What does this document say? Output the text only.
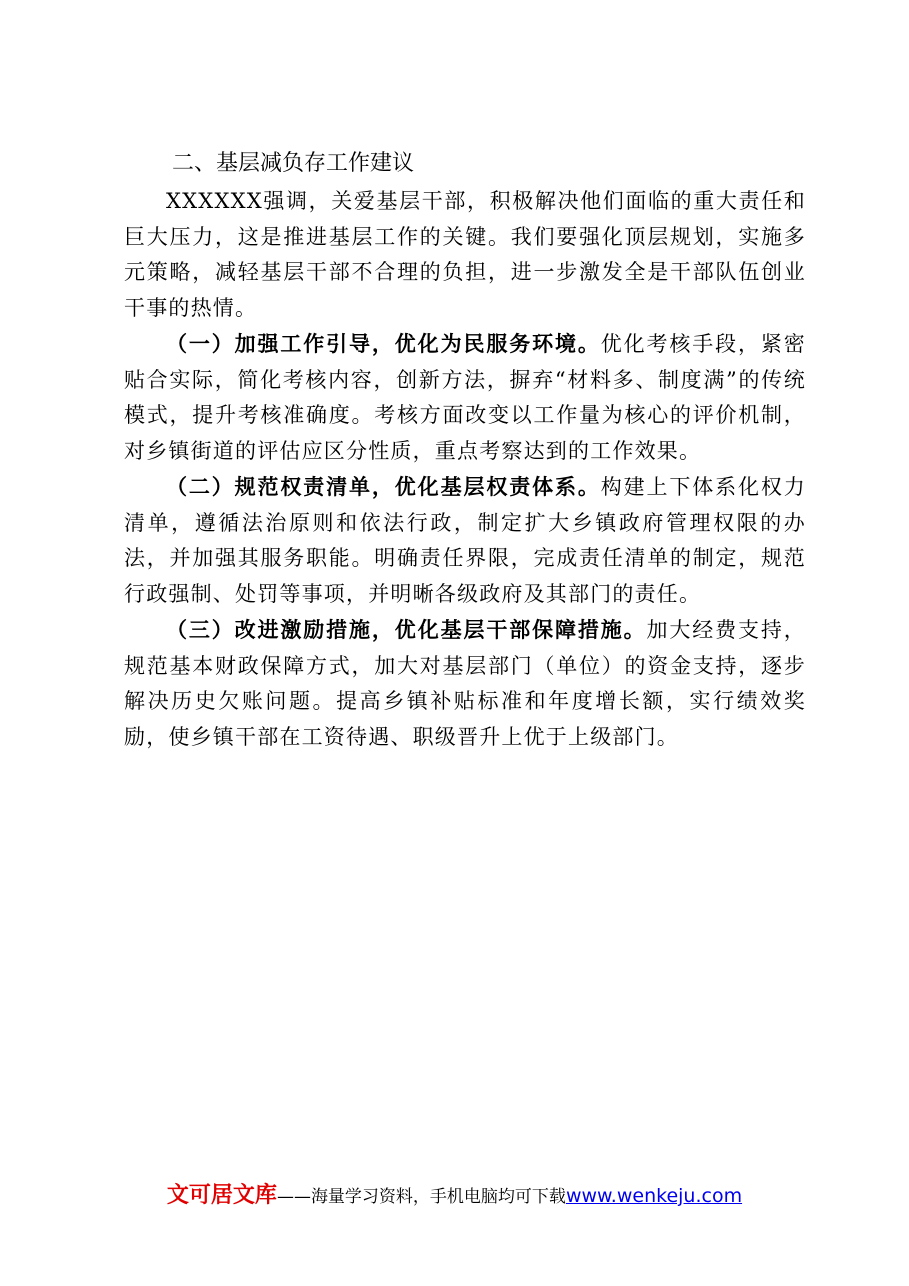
二、基层减负存工作建议

XXXXXX强调，关爱基层干部，积极解决他们面临的重大责任和巨大压力，这是推进基层工作的关键。我们要强化顶层规划，实施多元策略，减轻基层干部不合理的负担，进一步激发全是干部队伍创业干事的热情。

（一）加强工作引导，优化为民服务环境。优化考核手段，紧密贴合实际，简化考核内容，创新方法，摒弃“材料多、制度满”的传统模式，提升考核准确度。考核方面改变以工作量为核心的评价机制，对乡镇街道的评估应区分性质，重点考察达到的工作效果。

（二）规范权责清单，优化基层权责体系。构建上下体系化权力清单，遵循法治原则和依法行政，制定扩大乡镇政府管理权限的办法，并加强其服务职能。明确责任界限，完成责任清单的制定，规范行政强制、处罚等事项，并明晰各级政府及其部门的责任。

（三）改进激励措施，优化基层干部保障措施。加大经费支持，规范基本财政保障方式，加大对基层部门（单位）的资金支持，逐步解决历史欠账问题。提高乡镇补贴标准和年度增长额，实行绩效奖励，使乡镇干部在工资待遇、职级晋升上优于上级部门。

文可居文库——海量学习资料，手机电脑均可下载www.wenkeju.com
